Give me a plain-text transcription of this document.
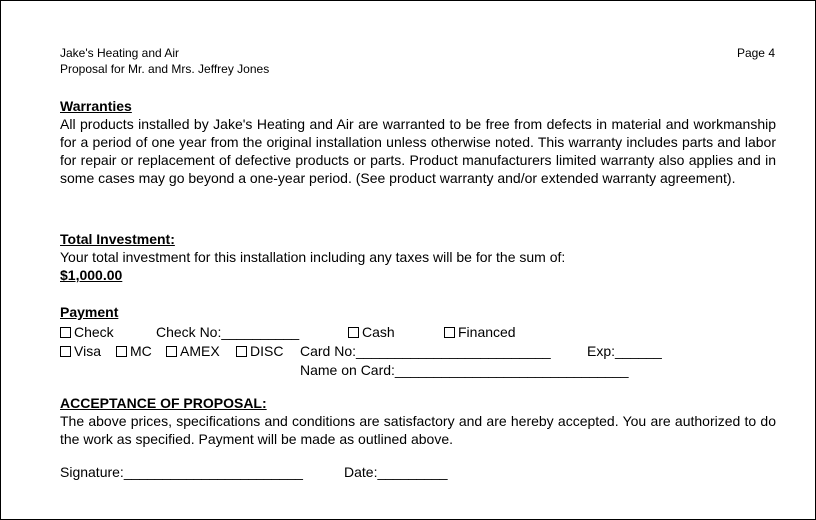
Jake's Heating and Air
Proposal for Mr. and Mrs. Jeffrey Jones
Page 4
Warranties
All products installed by Jake's Heating and Air are warranted to be free from defects in material and workmanship for a period of one year from the original installation unless otherwise noted. This warranty includes parts and labor for repair or replacement of defective products or parts. Product manufacturers limited warranty also applies and in some cases may go beyond a one-year period. (See product warranty and/or extended warranty agreement).
Total Investment:
Your total investment for this installation including any taxes will be for the sum of:
$1,000.00
Payment
Check	Check No:__________	Cash	Financed
Visa	MC	AMEX	DISC Card No:_________________________	Exp:______
Name on Card:______________________________
ACCEPTANCE OF PROPOSAL:
The above prices, specifications and conditions are satisfactory and are hereby accepted. You are authorized to do the work as specified. Payment will be made as outlined above.
Signature:_______________________	Date:_________
